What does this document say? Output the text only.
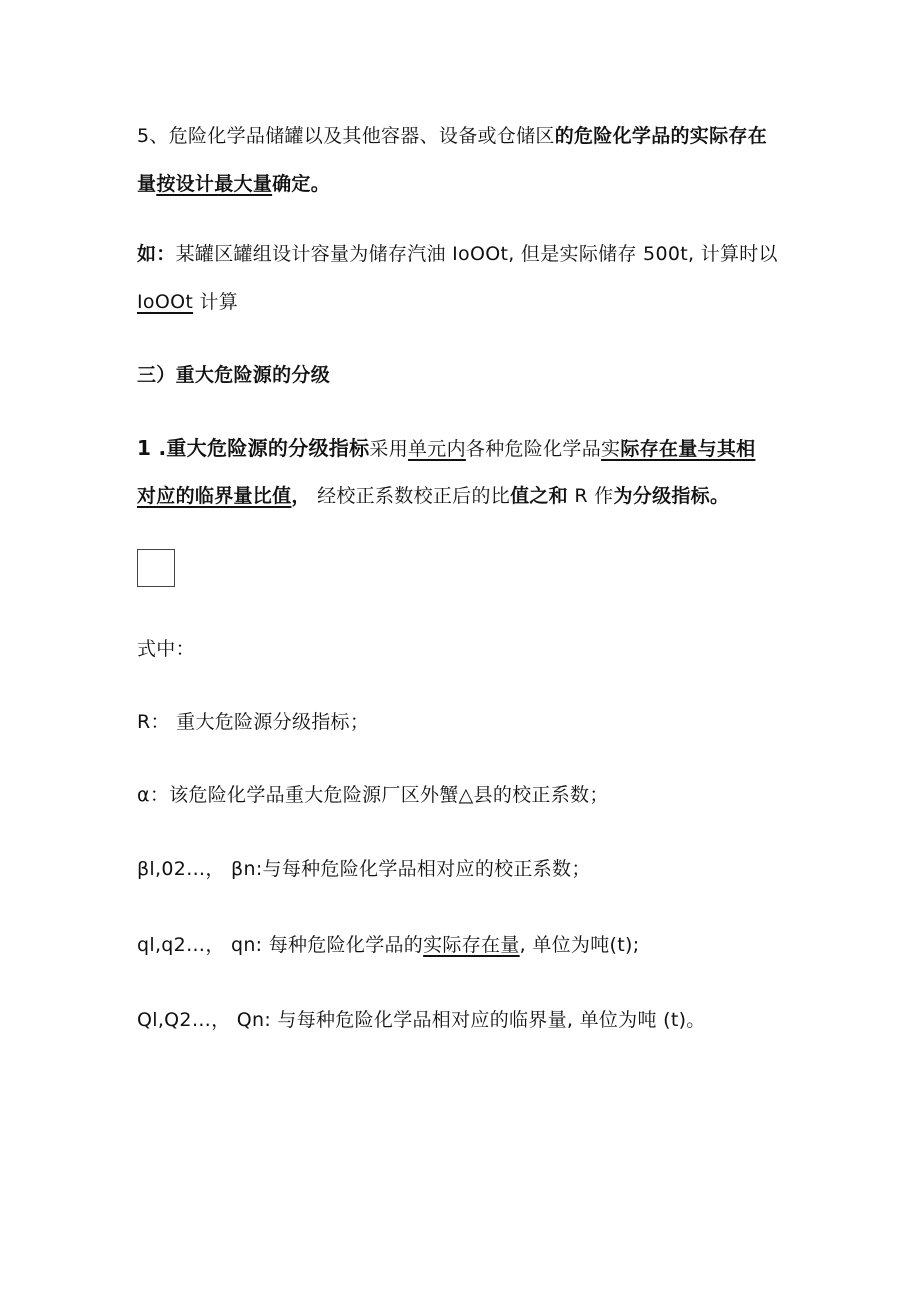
5、危险化学品储罐以及其他容器、设备或仓储区的危险化学品的实际存在
量按设计最大量确定。
如：某罐区罐组设计容量为储存汽油 IoOOt, 但是实际储存 500t, 计算时以
IoOOt 计算
三）重大危险源的分级
1 .重大危险源的分级指标采用单元内各种危险化学品实际存在量与其相
对应的临界量比值， 经校正系数校正后的比值之和 R 作为分级指标。
式中：
R： 重大危险源分级指标；
α：该危险化学品重大危险源厂区外蟹△县的校正系数；
βl,02…， βn:与每种危险化学品相对应的校正系数；
ql,q2…， qn: 每种危险化学品的实际存在量, 单位为吨(t);
Ql,Q2…， Qn: 与每种危险化学品相对应的临界量, 单位为吨 (t)。
